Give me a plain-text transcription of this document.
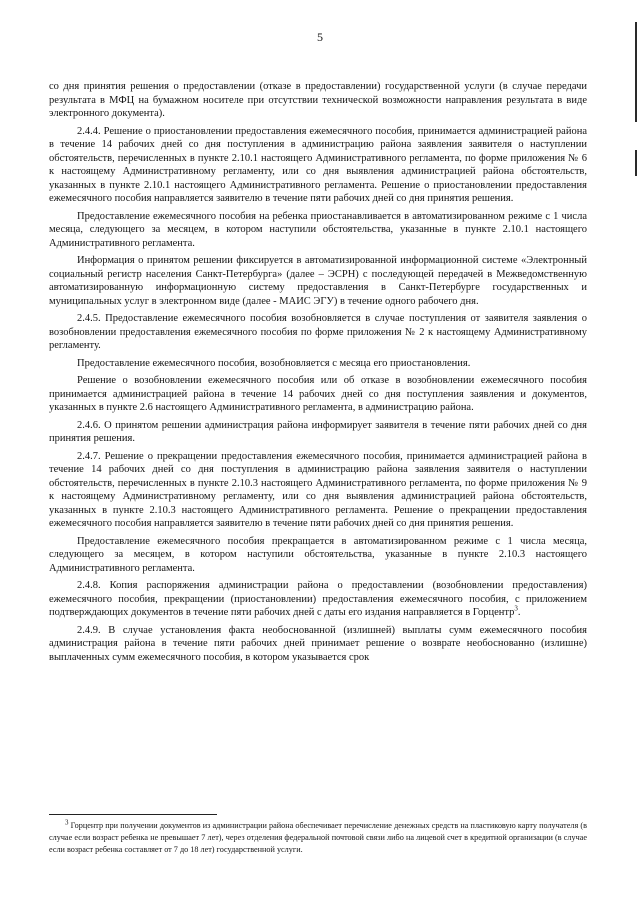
5

со дня принятия решения о предоставлении (отказе в предоставлении) государственной услуги (в случае передачи результата в МФЦ на бумажном носителе при отсутствии технической возможности направления результата в виде электронного документа).

2.4.4. Решение о приостановлении предоставления ежемесячного пособия, принимается администрацией района в течение 14 рабочих дней со дня поступления в администрацию района заявления заявителя о наступлении обстоятельств, перечисленных в пункте 2.10.1 настоящего Административного регламента, по форме приложения № 6 к настоящему Административному регламенту, или со дня выявления администрацией района обстоятельств, указанных в пункте 2.10.1 настоящего Административного регламента. Решение о приостановлении предоставления ежемесячного пособия направляется заявителю в течение пяти рабочих дней со дня принятия решения.

Предоставление ежемесячного пособия на ребенка приостанавливается в автоматизированном режиме с 1 числа месяца, следующего за месяцем, в котором наступили обстоятельства, указанные в пункте 2.10.1 настоящего Административного регламента.

Информация о принятом решении фиксируется в автоматизированной информационной системе «Электронный социальный регистр населения Санкт-Петербурга» (далее – ЭСРН) с последующей передачей в Межведомственную автоматизированную информационную систему предоставления в Санкт-Петербурге государственных и муниципальных услуг в электронном виде (далее - МАИС ЭГУ) в течение одного рабочего дня.

2.4.5. Предоставление ежемесячного пособия возобновляется в случае поступления от заявителя заявления о возобновлении предоставления ежемесячного пособия по форме приложения № 2 к настоящему Административному регламенту.

Предоставление ежемесячного пособия, возобновляется с месяца его приостановления.

Решение о возобновлении ежемесячного пособия или об отказе в возобновлении ежемесячного пособия принимается администрацией района в течение 14 рабочих дней со дня поступления заявления и документов, указанных в пункте 2.6 настоящего Административного регламента, в администрацию района.

2.4.6. О принятом решении администрация района информирует заявителя в течение пяти рабочих дней со дня принятия решения.

2.4.7. Решение о прекращении предоставления ежемесячного пособия, принимается администрацией района в течение 14 рабочих дней со дня поступления в администрацию района заявления заявителя о наступлении обстоятельств, перечисленных в пункте 2.10.3 настоящего Административного регламента, по форме приложения № 9 к настоящему Административному регламенту, или со дня выявления администрацией района обстоятельств, указанных в пункте 2.10.3 настоящего Административного регламента. Решение о прекращении предоставления ежемесячного пособия направляется заявителю в течение пяти рабочих дней со дня принятия решения.

Предоставление ежемесячного пособия прекращается в автоматизированном режиме с 1 числа месяца, следующего за месяцем, в котором наступили обстоятельства, указанные в пункте 2.10.3 настоящего Административного регламента.

2.4.8. Копия распоряжения администрации района о предоставлении (возобновлении предоставления) ежемесячного пособия, прекращении (приостановлении) предоставления ежемесячного пособия, с приложением подтверждающих документов в течение пяти рабочих дней с даты его издания направляется в Горцентр$^3$.

2.4.9. В случае установления факта необоснованной (излишней) выплаты сумм ежемесячного пособия администрация района в течение пяти рабочих дней принимает решение о возврате необоснованно (излишне) выплаченных сумм ежемесячного пособия, в котором указывается срок

$^3$ Горцентр при получении документов из администрации района обеспечивает перечисление денежных средств на пластиковую карту получателя (в случае если возраст ребенка не превышает 7 лет), через отделения федеральной почтовой связи либо на лицевой счет в кредитной организации (в случае если возраст ребенка составляет от 7 до 18 лет) государственной услуги.
